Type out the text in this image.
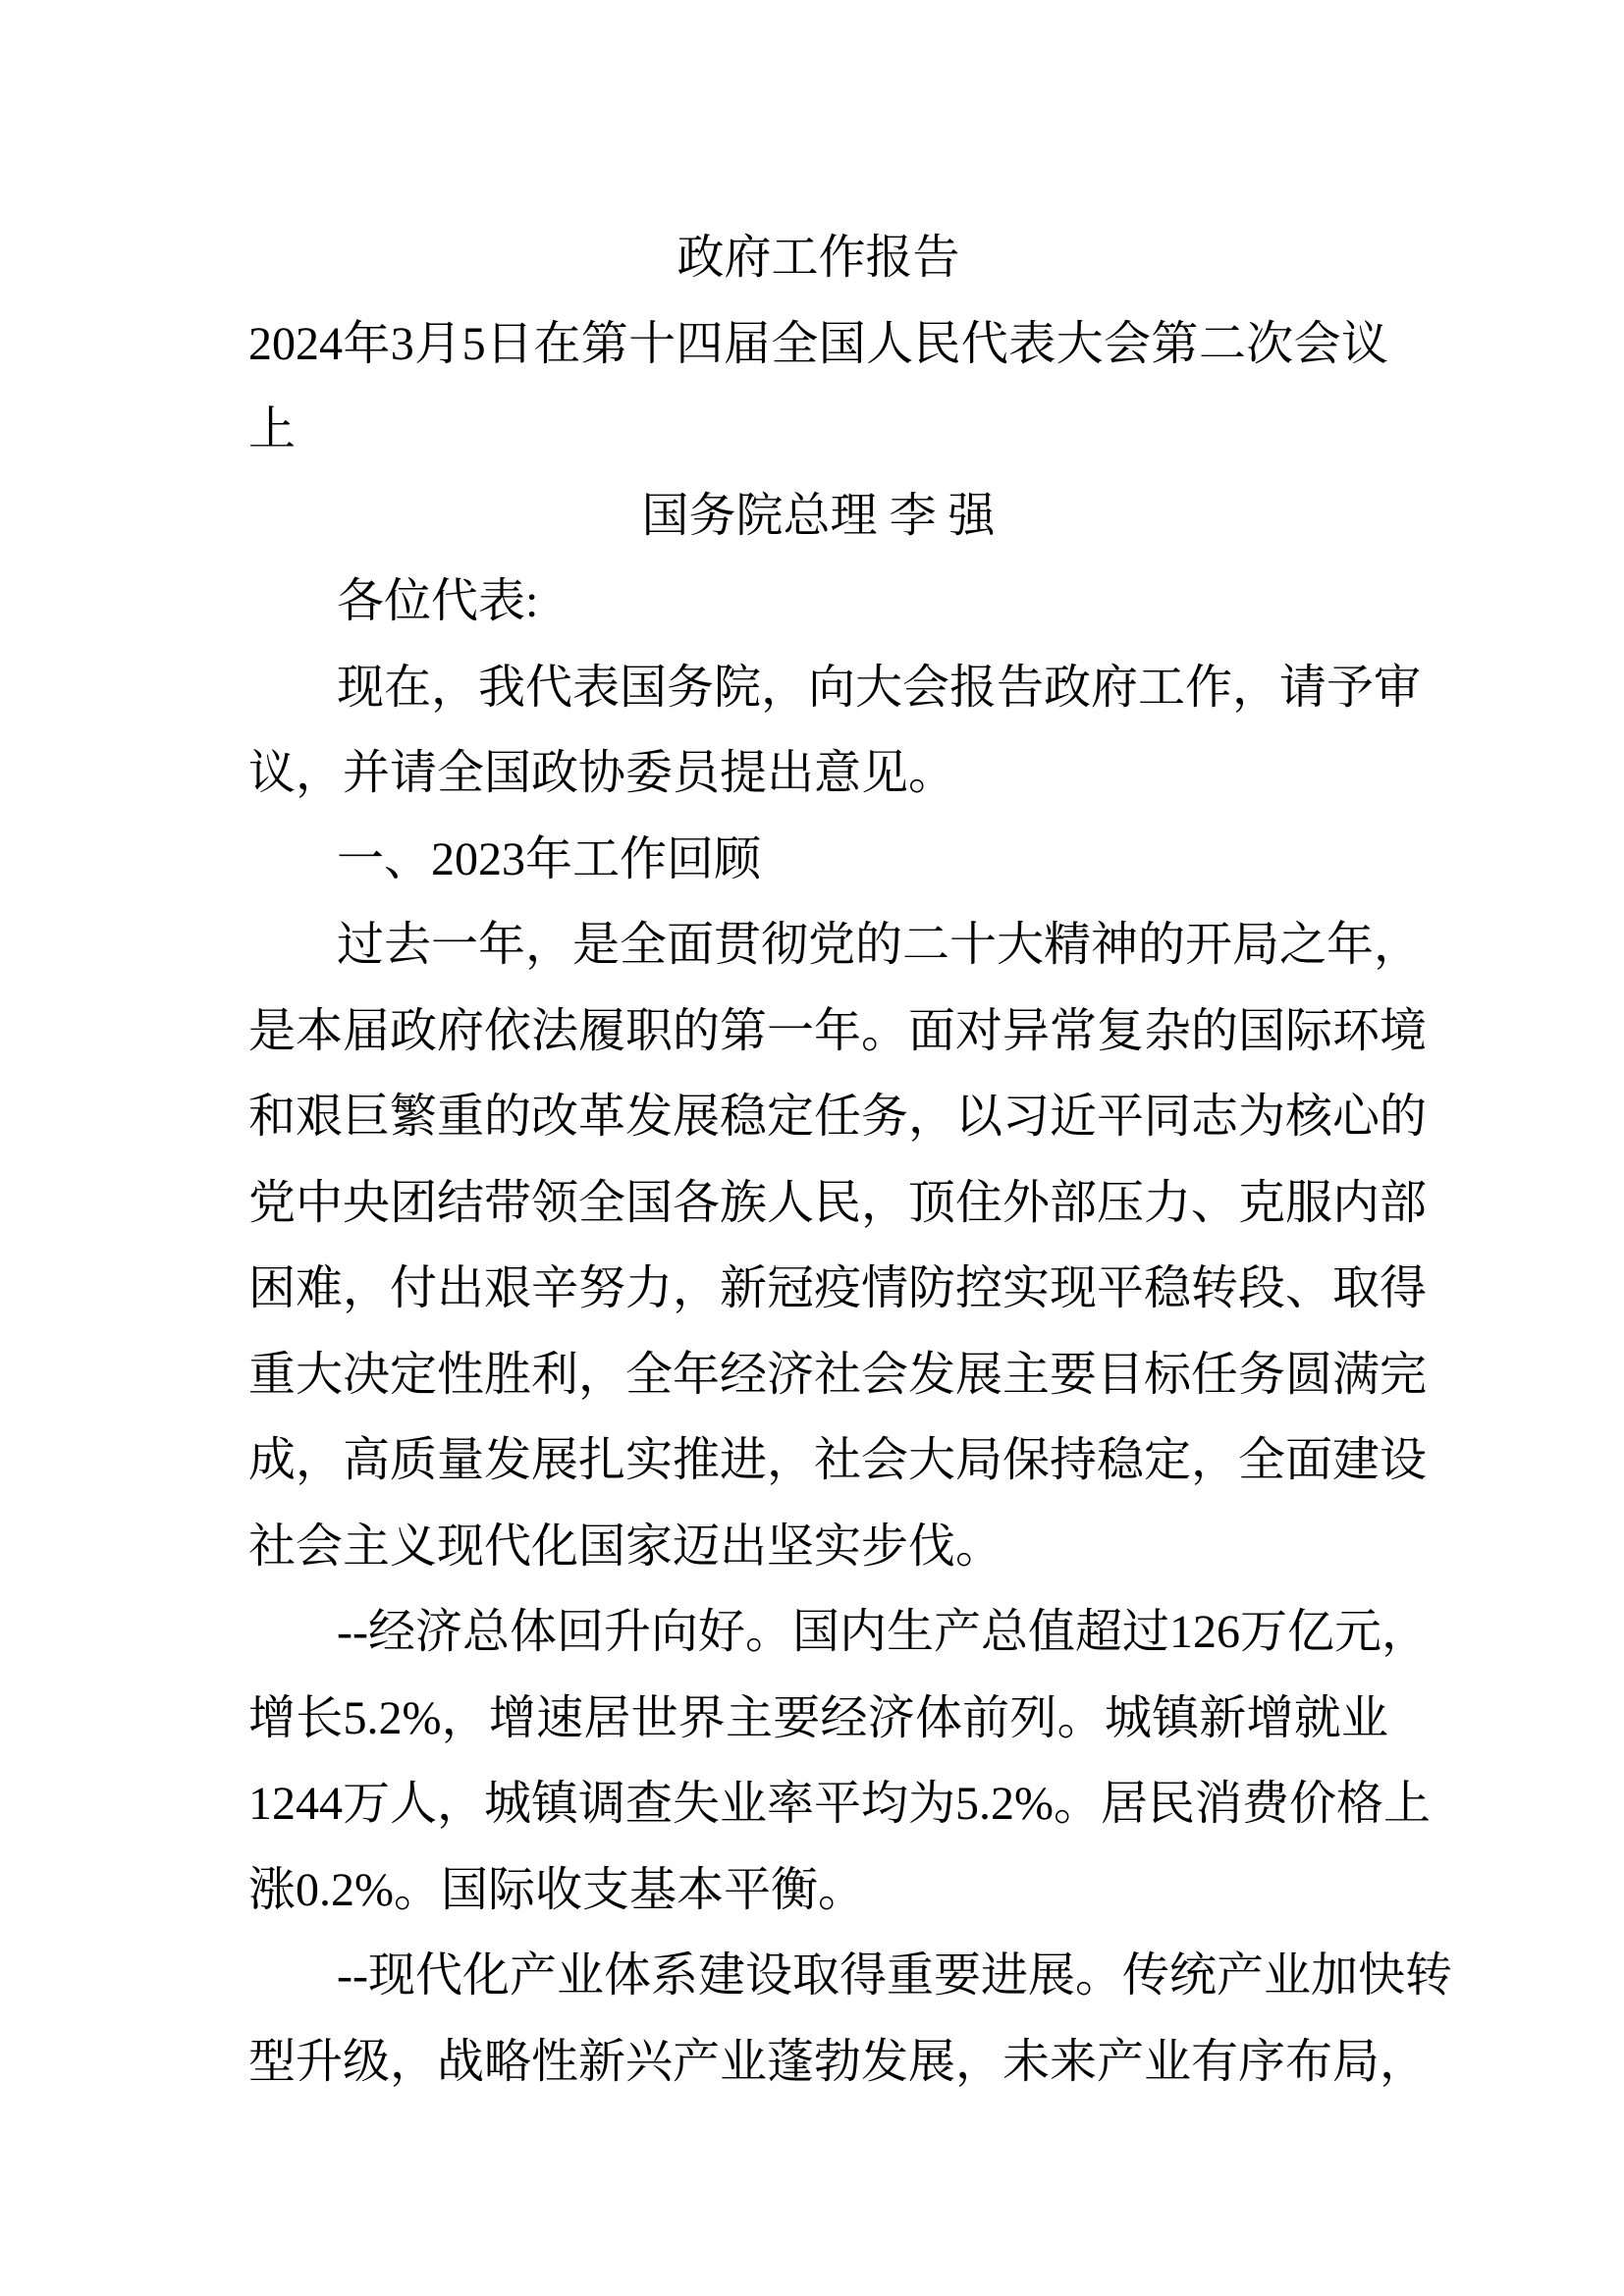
政府工作报告
2024年3月5日在第十四届全国人民代表大会第二次会议
上
国务院总理 李 强
各位代表:
现在，我代表国务院，向大会报告政府工作，请予审
议，并请全国政协委员提出意见。
一、2023年工作回顾
过去一年，是全面贯彻党的二十大精神的开局之年，
是本届政府依法履职的第一年。面对异常复杂的国际环境
和艰巨繁重的改革发展稳定任务，以习近平同志为核心的
党中央团结带领全国各族人民，顶住外部压力、克服内部
困难，付出艰辛努力，新冠疫情防控实现平稳转段、取得
重大决定性胜利，全年经济社会发展主要目标任务圆满完
成，高质量发展扎实推进，社会大局保持稳定，全面建设
社会主义现代化国家迈出坚实步伐。
--经济总体回升向好。国内生产总值超过126万亿元，
增长5.2%，增速居世界主要经济体前列。城镇新增就业
1244万人，城镇调查失业率平均为5.2%。居民消费价格上
涨0.2%。国际收支基本平衡。
--现代化产业体系建设取得重要进展。传统产业加快转
型升级，战略性新兴产业蓬勃发展，未来产业有序布局，
